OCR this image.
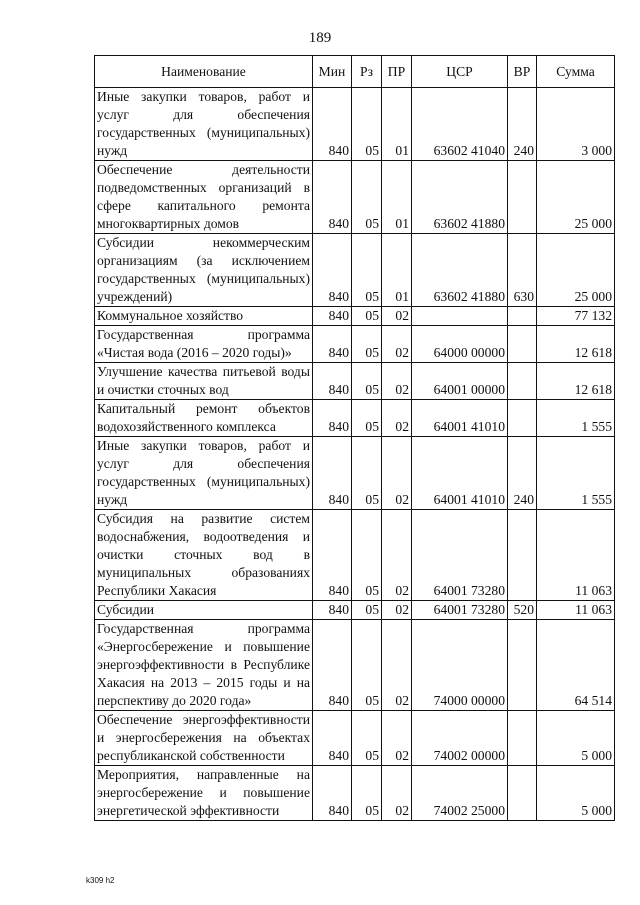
189
Наименование	Мин	Рз	ПР	ЦСР	ВР	Сумма
Иные закупки товаров, работ и услуг для обеспечения государственных (муниципальных) нужд	840	05	01	63602 41040	240	3 000
Обеспечение деятельности подведомственных организаций в сфере капитального ремонта многоквартирных домов	840	05	01	63602 41880		25 000
Субсидии некоммерческим организациям (за исключением государственных (муниципальных) учреждений)	840	05	01	63602 41880	630	25 000
Коммунальное хозяйство	840	05	02			77 132
Государственная программа «Чистая вода (2016 – 2020 годы)»	840	05	02	64000 00000		12 618
Улучшение качества питьевой воды и очистки сточных вод	840	05	02	64001 00000		12 618
Капитальный ремонт объектов водохозяйственного комплекса	840	05	02	64001 41010		1 555
Иные закупки товаров, работ и услуг для обеспечения государственных (муниципальных) нужд	840	05	02	64001 41010	240	1 555
Субсидия на развитие систем водоснабжения, водоотведения и очистки сточных вод в муниципальных образованиях Республики Хакасия	840	05	02	64001 73280		11 063
Субсидии	840	05	02	64001 73280	520	11 063
Государственная программа «Энергосбережение и повышение энергоэффективности в Республике Хакасия на 2013 – 2015 годы и на перспективу до 2020 года»	840	05	02	74000 00000		64 514
Обеспечение энергоэффективности и энергосбережения на объектах республиканской собственности	840	05	02	74002 00000		5 000
Мероприятия, направленные на энергосбережение и повышение энергетической эффективности	840	05	02	74002 25000		5 000
k309 h2
